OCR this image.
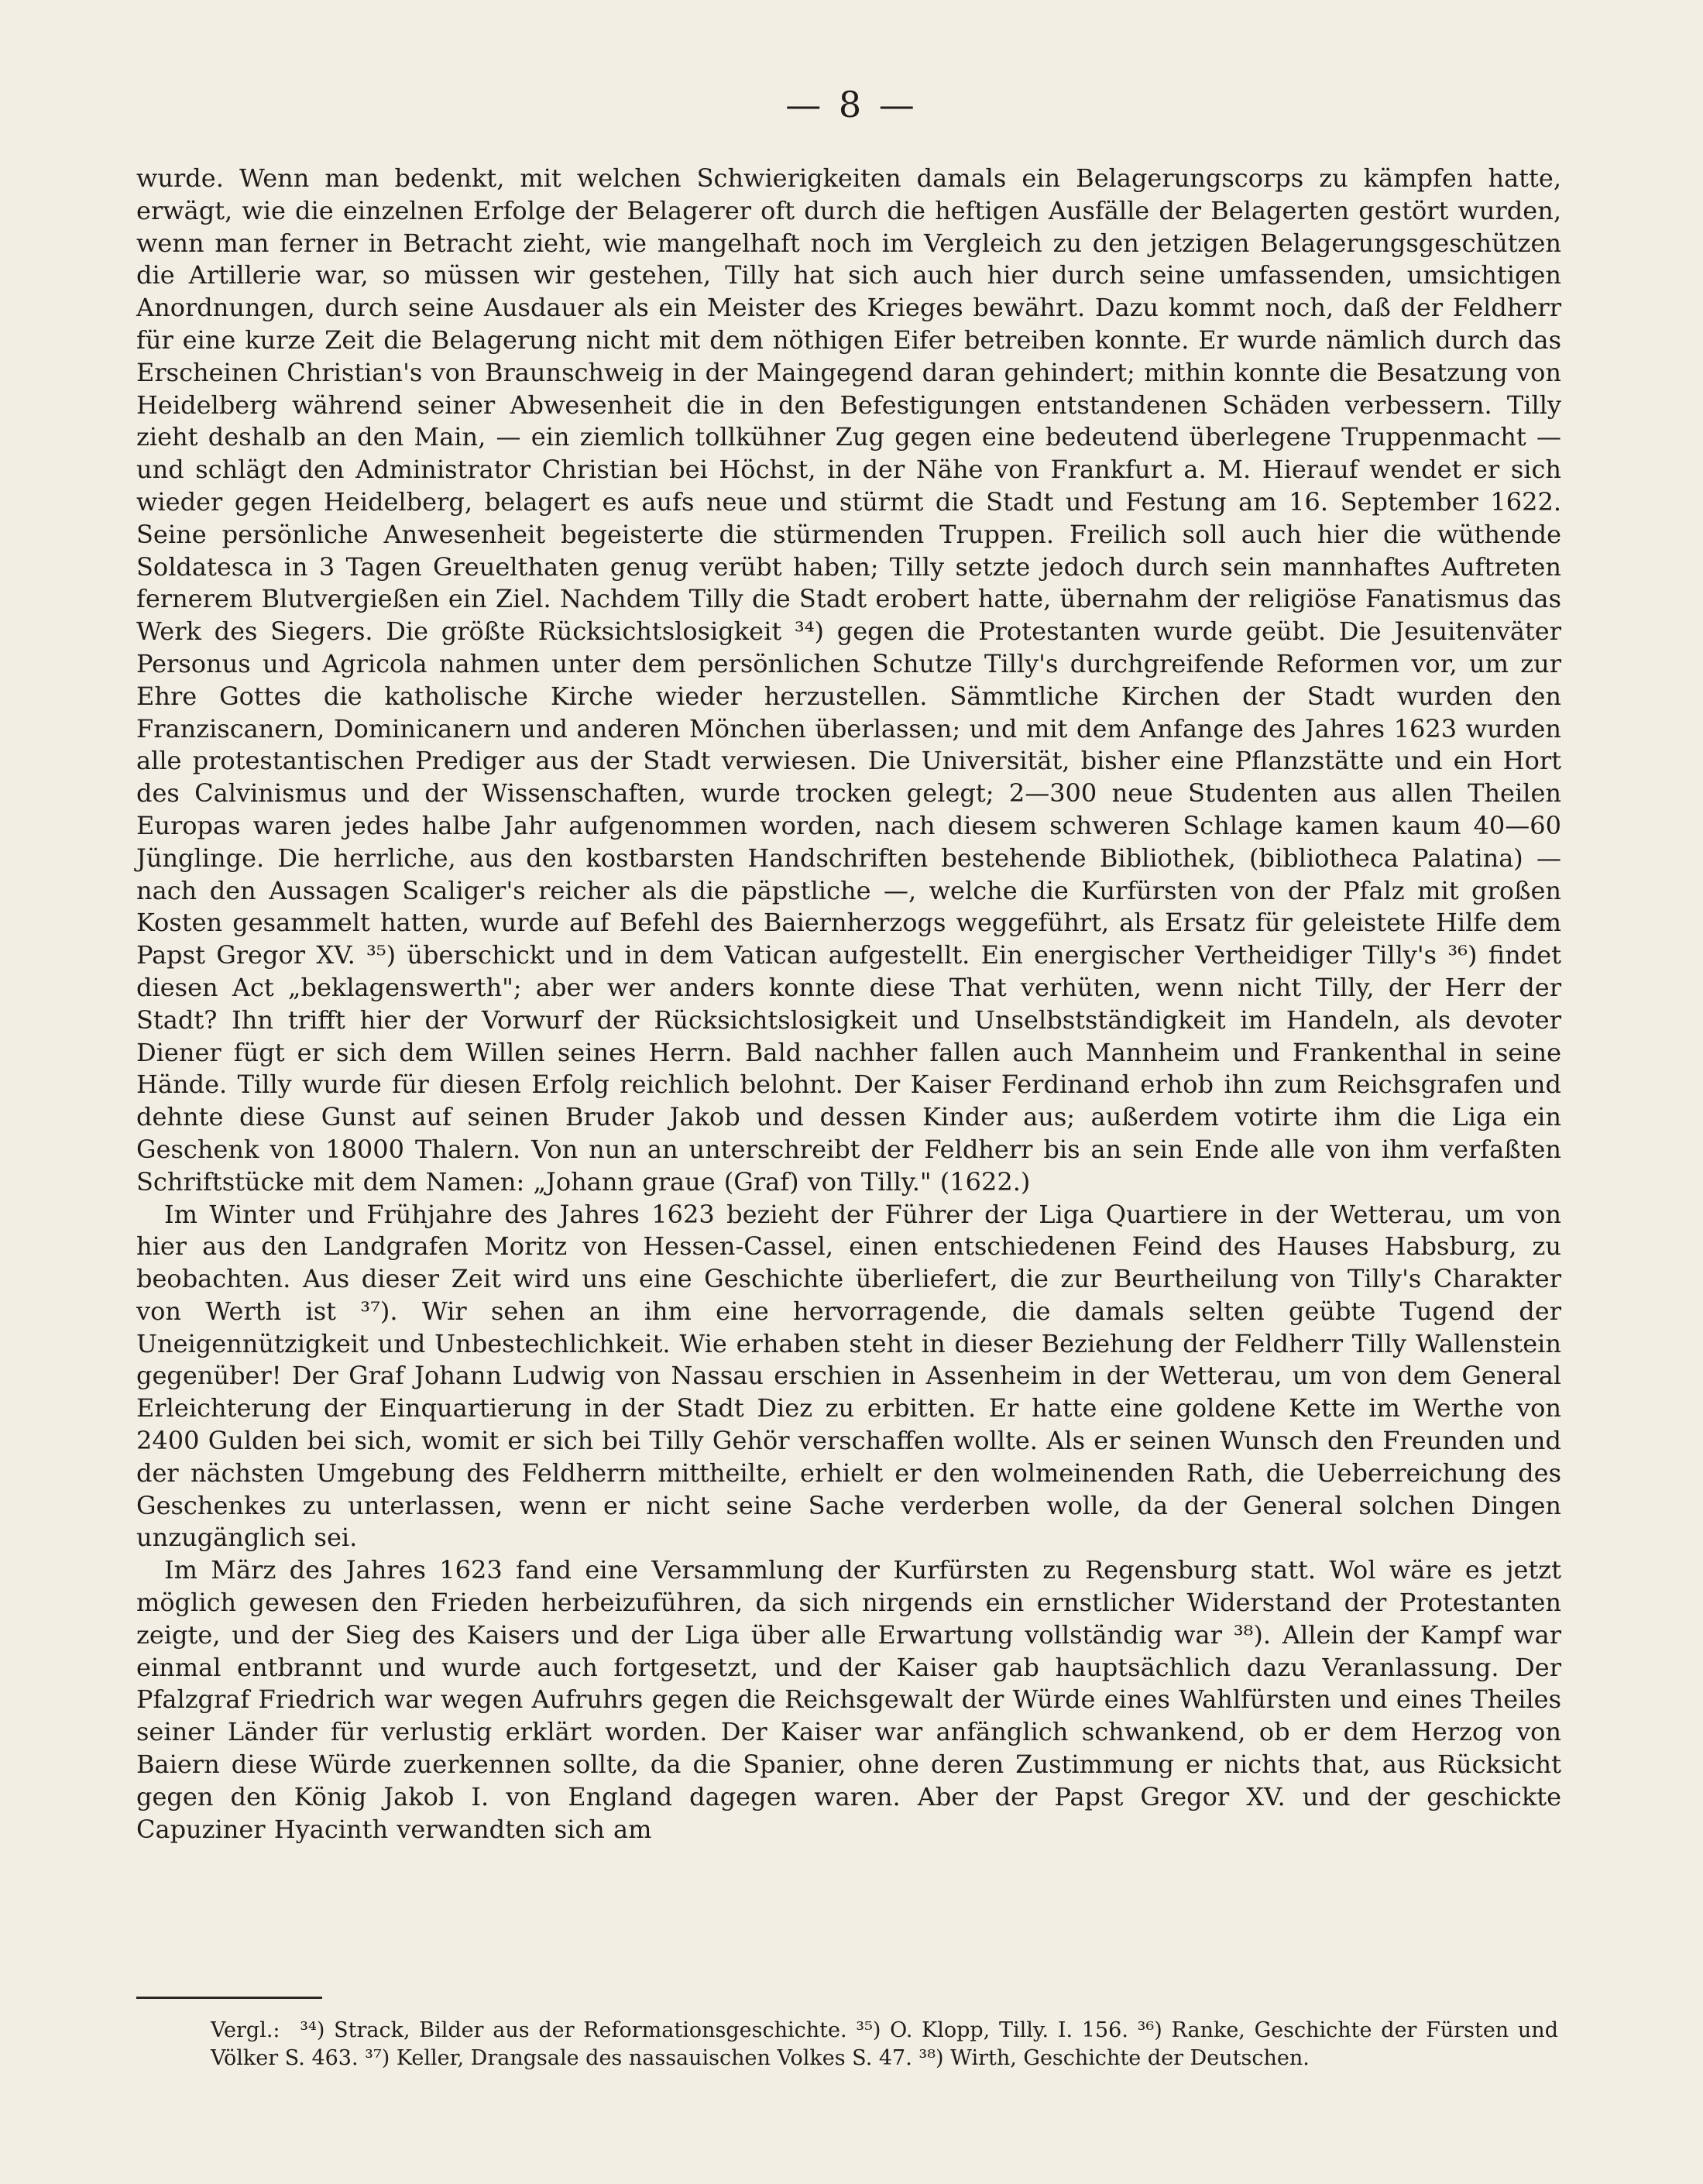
— 8 —

wurde. Wenn man bedenkt, mit welchen Schwierigkeiten damals ein Belagerungscorps zu kämpfen hatte, erwägt, wie die einzelnen Erfolge der Belagerer oft durch die heftigen Ausfälle der Belagerten gestört wurden, wenn man ferner in Betracht zieht, wie mangelhaft noch im Vergleich zu den jetzigen Belagerungsgeschützen die Artillerie war, so müssen wir gestehen, Tilly hat sich auch hier durch seine umfassenden, umsichtigen Anordnungen, durch seine Ausdauer als ein Meister des Krieges bewährt. Dazu kommt noch, daß der Feldherr für eine kurze Zeit die Belagerung nicht mit dem nöthigen Eifer betreiben konnte. Er wurde nämlich durch das Erscheinen Christian's von Braunschweig in der Maingegend daran gehindert; mithin konnte die Besatzung von Heidelberg während seiner Abwesenheit die in den Befestigungen entstandenen Schäden verbessern. Tilly zieht deshalb an den Main, — ein ziemlich tollkühner Zug gegen eine bedeutend überlegene Truppenmacht — und schlägt den Administrator Christian bei Höchst, in der Nähe von Frankfurt a. M. Hierauf wendet er sich wieder gegen Heidelberg, belagert es aufs neue und stürmt die Stadt und Festung am 16. September 1622. Seine persönliche Anwesenheit begeisterte die stürmenden Truppen. Freilich soll auch hier die wüthende Soldatesca in 3 Tagen Greuelthaten genug verübt haben; Tilly setzte jedoch durch sein mannhaftes Auftreten fernerem Blutvergießen ein Ziel. Nachdem Tilly die Stadt erobert hatte, übernahm der religiöse Fanatismus das Werk des Siegers. Die größte Rücksichtslosigkeit ³⁴) gegen die Protestanten wurde geübt. Die Jesuitenväter Personus und Agricola nahmen unter dem persönlichen Schutze Tilly's durchgreifende Reformen vor, um zur Ehre Gottes die katholische Kirche wieder herzustellen. Sämmtliche Kirchen der Stadt wurden den Franziscanern, Dominicanern und anderen Mönchen überlassen; und mit dem Anfange des Jahres 1623 wurden alle protestantischen Prediger aus der Stadt verwiesen. Die Universität, bisher eine Pflanzstätte und ein Hort des Calvinismus und der Wissenschaften, wurde trocken gelegt; 2—300 neue Studenten aus allen Theilen Europas waren jedes halbe Jahr aufgenommen worden, nach diesem schweren Schlage kamen kaum 40—60 Jünglinge. Die herrliche, aus den kostbarsten Handschriften bestehende Bibliothek, (bibliotheca Palatina) — nach den Aussagen Scaliger's reicher als die päpstliche —, welche die Kurfürsten von der Pfalz mit großen Kosten gesammelt hatten, wurde auf Befehl des Baiernherzogs weggeführt, als Ersatz für geleistete Hilfe dem Papst Gregor XV. ³⁵) überschickt und in dem Vatican aufgestellt. Ein energischer Vertheidiger Tilly's ³⁶) findet diesen Act „beklagenswerth"; aber wer anders konnte diese That verhüten, wenn nicht Tilly, der Herr der Stadt? Ihn trifft hier der Vorwurf der Rücksichtslosigkeit und Unselbstständigkeit im Handeln, als devoter Diener fügt er sich dem Willen seines Herrn. Bald nachher fallen auch Mannheim und Frankenthal in seine Hände. Tilly wurde für diesen Erfolg reichlich belohnt. Der Kaiser Ferdinand erhob ihn zum Reichsgrafen und dehnte diese Gunst auf seinen Bruder Jakob und dessen Kinder aus; außerdem votirte ihm die Liga ein Geschenk von 18000 Thalern. Von nun an unterschreibt der Feldherr bis an sein Ende alle von ihm verfaßten Schriftstücke mit dem Namen: „Johann graue (Graf) von Tilly." (1622.)

Im Winter und Frühjahre des Jahres 1623 bezieht der Führer der Liga Quartiere in der Wetterau, um von hier aus den Landgrafen Moritz von Hessen-Cassel, einen entschiedenen Feind des Hauses Habsburg, zu beobachten. Aus dieser Zeit wird uns eine Geschichte überliefert, die zur Beurtheilung von Tilly's Charakter von Werth ist ³⁷). Wir sehen an ihm eine hervorragende, die damals selten geübte Tugend der Uneigennützigkeit und Unbestechlichkeit. Wie erhaben steht in dieser Beziehung der Feldherr Tilly Wallenstein gegenüber! Der Graf Johann Ludwig von Nassau erschien in Assenheim in der Wetterau, um von dem General Erleichterung der Einquartierung in der Stadt Diez zu erbitten. Er hatte eine goldene Kette im Werthe von 2400 Gulden bei sich, womit er sich bei Tilly Gehör verschaffen wollte. Als er seinen Wunsch den Freunden und der nächsten Umgebung des Feldherrn mittheilte, erhielt er den wolmeinenden Rath, die Ueberreichung des Geschenkes zu unterlassen, wenn er nicht seine Sache verderben wolle, da der General solchen Dingen unzugänglich sei.

Im März des Jahres 1623 fand eine Versammlung der Kurfürsten zu Regensburg statt. Wol wäre es jetzt möglich gewesen den Frieden herbeizuführen, da sich nirgends ein ernstlicher Widerstand der Protestanten zeigte, und der Sieg des Kaisers und der Liga über alle Erwartung vollständig war ³⁸). Allein der Kampf war einmal entbrannt und wurde auch fortgesetzt, und der Kaiser gab hauptsächlich dazu Veranlassung. Der Pfalzgraf Friedrich war wegen Aufruhrs gegen die Reichsgewalt der Würde eines Wahlfürsten und eines Theiles seiner Länder für verlustig erklärt worden. Der Kaiser war anfänglich schwankend, ob er dem Herzog von Baiern diese Würde zuerkennen sollte, da die Spanier, ohne deren Zustimmung er nichts that, aus Rücksicht gegen den König Jakob I. von England dagegen waren. Aber der Papst Gregor XV. und der geschickte Capuziner Hyacinth verwandten sich am

Vergl.: ³⁴) Strack, Bilder aus der Reformationsgeschichte. ³⁵) O. Klopp, Tilly. I. 156. ³⁶) Ranke, Geschichte der Fürsten und Völker S. 463. ³⁷) Keller, Drangsale des nassauischen Volkes S. 47. ³⁸) Wirth, Geschichte der Deutschen.
